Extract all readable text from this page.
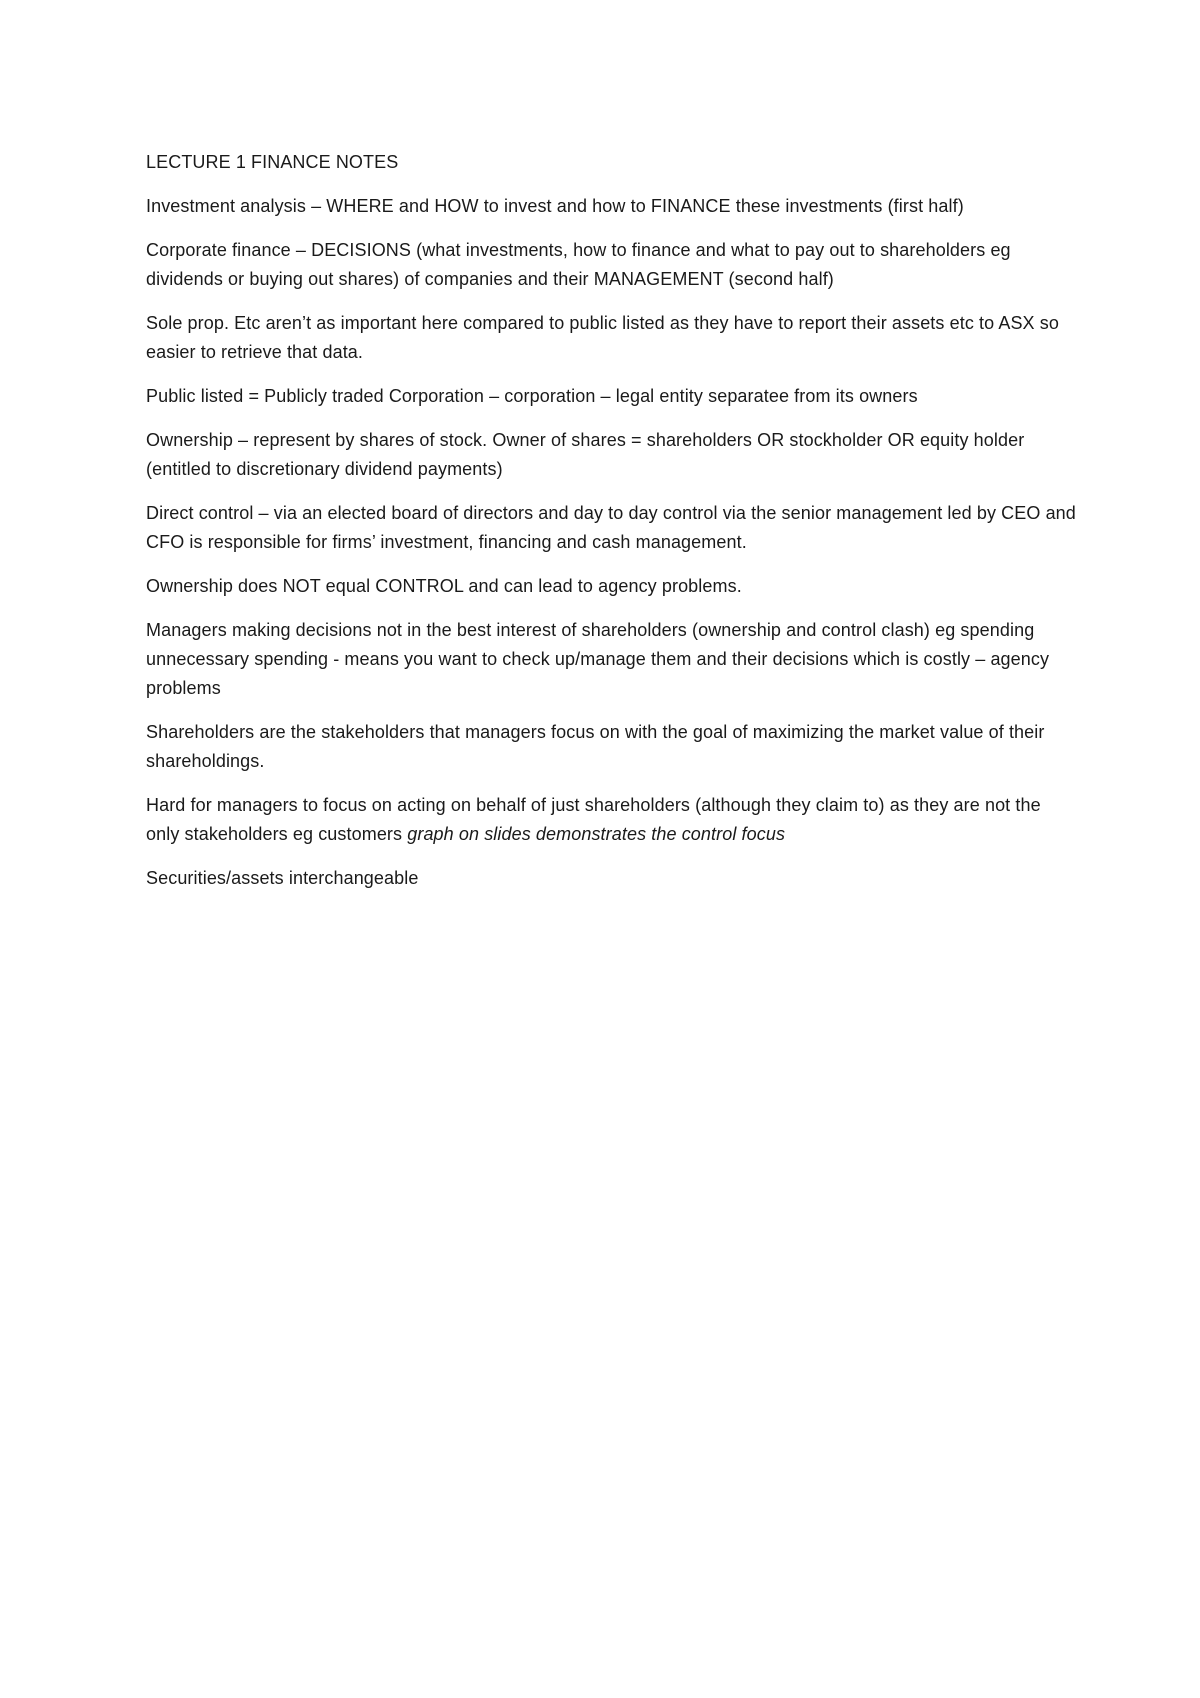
LECTURE 1 FINANCE NOTES

Investment analysis – WHERE and HOW to invest and how to FINANCE these investments (first half)

Corporate finance – DECISIONS (what investments, how to finance and what to pay out to shareholders eg dividends or buying out shares) of companies and their MANAGEMENT (second half)

Sole prop. Etc aren’t as important here compared to public listed as they have to report their assets etc to ASX so easier to retrieve that data.

Public listed = Publicly traded Corporation – corporation – legal entity separatee from its owners

Ownership – represent by shares of stock. Owner of shares = shareholders OR stockholder OR equity holder (entitled to discretionary dividend payments)

Direct control – via an elected board of directors and day to day control via the senior management led by CEO and CFO is responsible for firms’ investment, financing and cash management.

Ownership does NOT equal CONTROL and can lead to agency problems.

Managers making decisions not in the best interest of shareholders (ownership and control clash) eg spending unnecessary spending - means you want to check up/manage them and their decisions which is costly – agency problems

Shareholders are the stakeholders that managers focus on with the goal of maximizing the market value of their shareholdings.

Hard for managers to focus on acting on behalf of just shareholders (although they claim to) as they are not the only stakeholders eg customers graph on slides demonstrates the control focus

Securities/assets interchangeable
